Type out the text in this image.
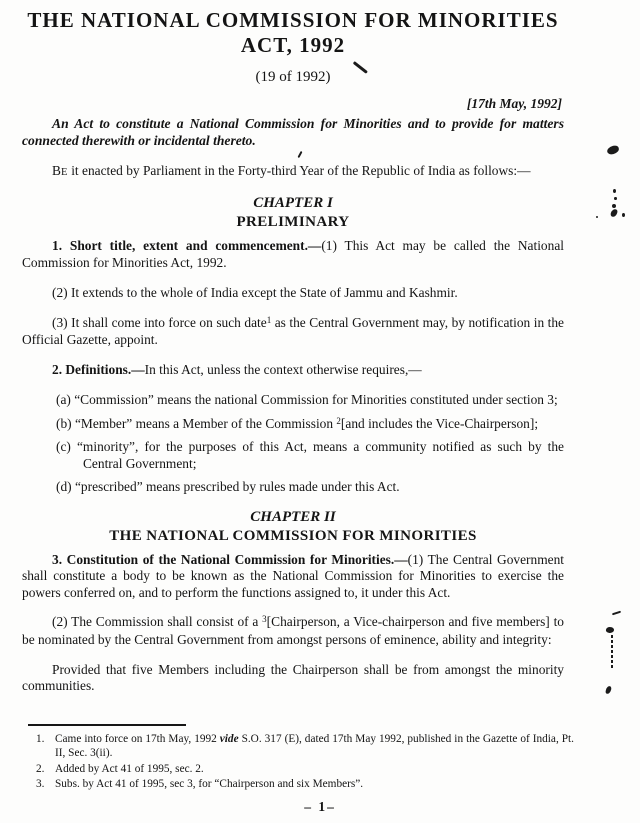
THE NATIONAL COMMISSION FOR MINORITIES
ACT, 1992
(19 of 1992)
[17th May, 1992]

An Act to constitute a National Commission for Minorities and to provide for matters connected therewith or incidental thereto.

BE it enacted by Parliament in the Forty-third Year of the Republic of India as follows:—

CHAPTER I
PRELIMINARY

1. Short title, extent and commencement.—(1) This Act may be called the National Commission for Minorities Act, 1992.

(2) It extends to the whole of India except the State of Jammu and Kashmir.

(3) It shall come into force on such date$^1$ as the Central Government may, by notification in the Official Gazette, appoint.

2. Definitions.—In this Act, unless the context otherwise requires,—

(a) “Commission” means the national Commission for Minorities constituted under section 3;
(b) “Member” means a Member of the Commission $^2$[and includes the Vice-Chairperson];
(c) “minority”, for the purposes of this Act, means a community notified as such by the Central Government;
(d) “prescribed” means prescribed by rules made under this Act.
CHAPTER II
THE NATIONAL COMMISSION FOR MINORITIES

3. Constitution of the National Commission for Minorities.—(1) The Central Government shall constitute a body to be known as the National Commission for Minorities to exercise the powers conferred on, and to perform the functions assigned to, it under this Act.

(2) The Commission shall consist of a $^3$[Chairperson, a Vice-chairperson and five members] to be nominated by the Central Government from amongst persons of eminence, ability and integrity:

Provided that five Members including the Chairperson shall be from amongst the minority communities.

1. Came into force on 17th May, 1992 vide S.O. 317 (E), dated 17th May 1992, published in the Gazette of India, Pt. II, Sec. 3(ii).
2. Added by Act 41 of 1995, sec. 2.
3. Subs. by Act 41 of 1995, sec 3, for “Chairperson and six Members”.
– 1–
